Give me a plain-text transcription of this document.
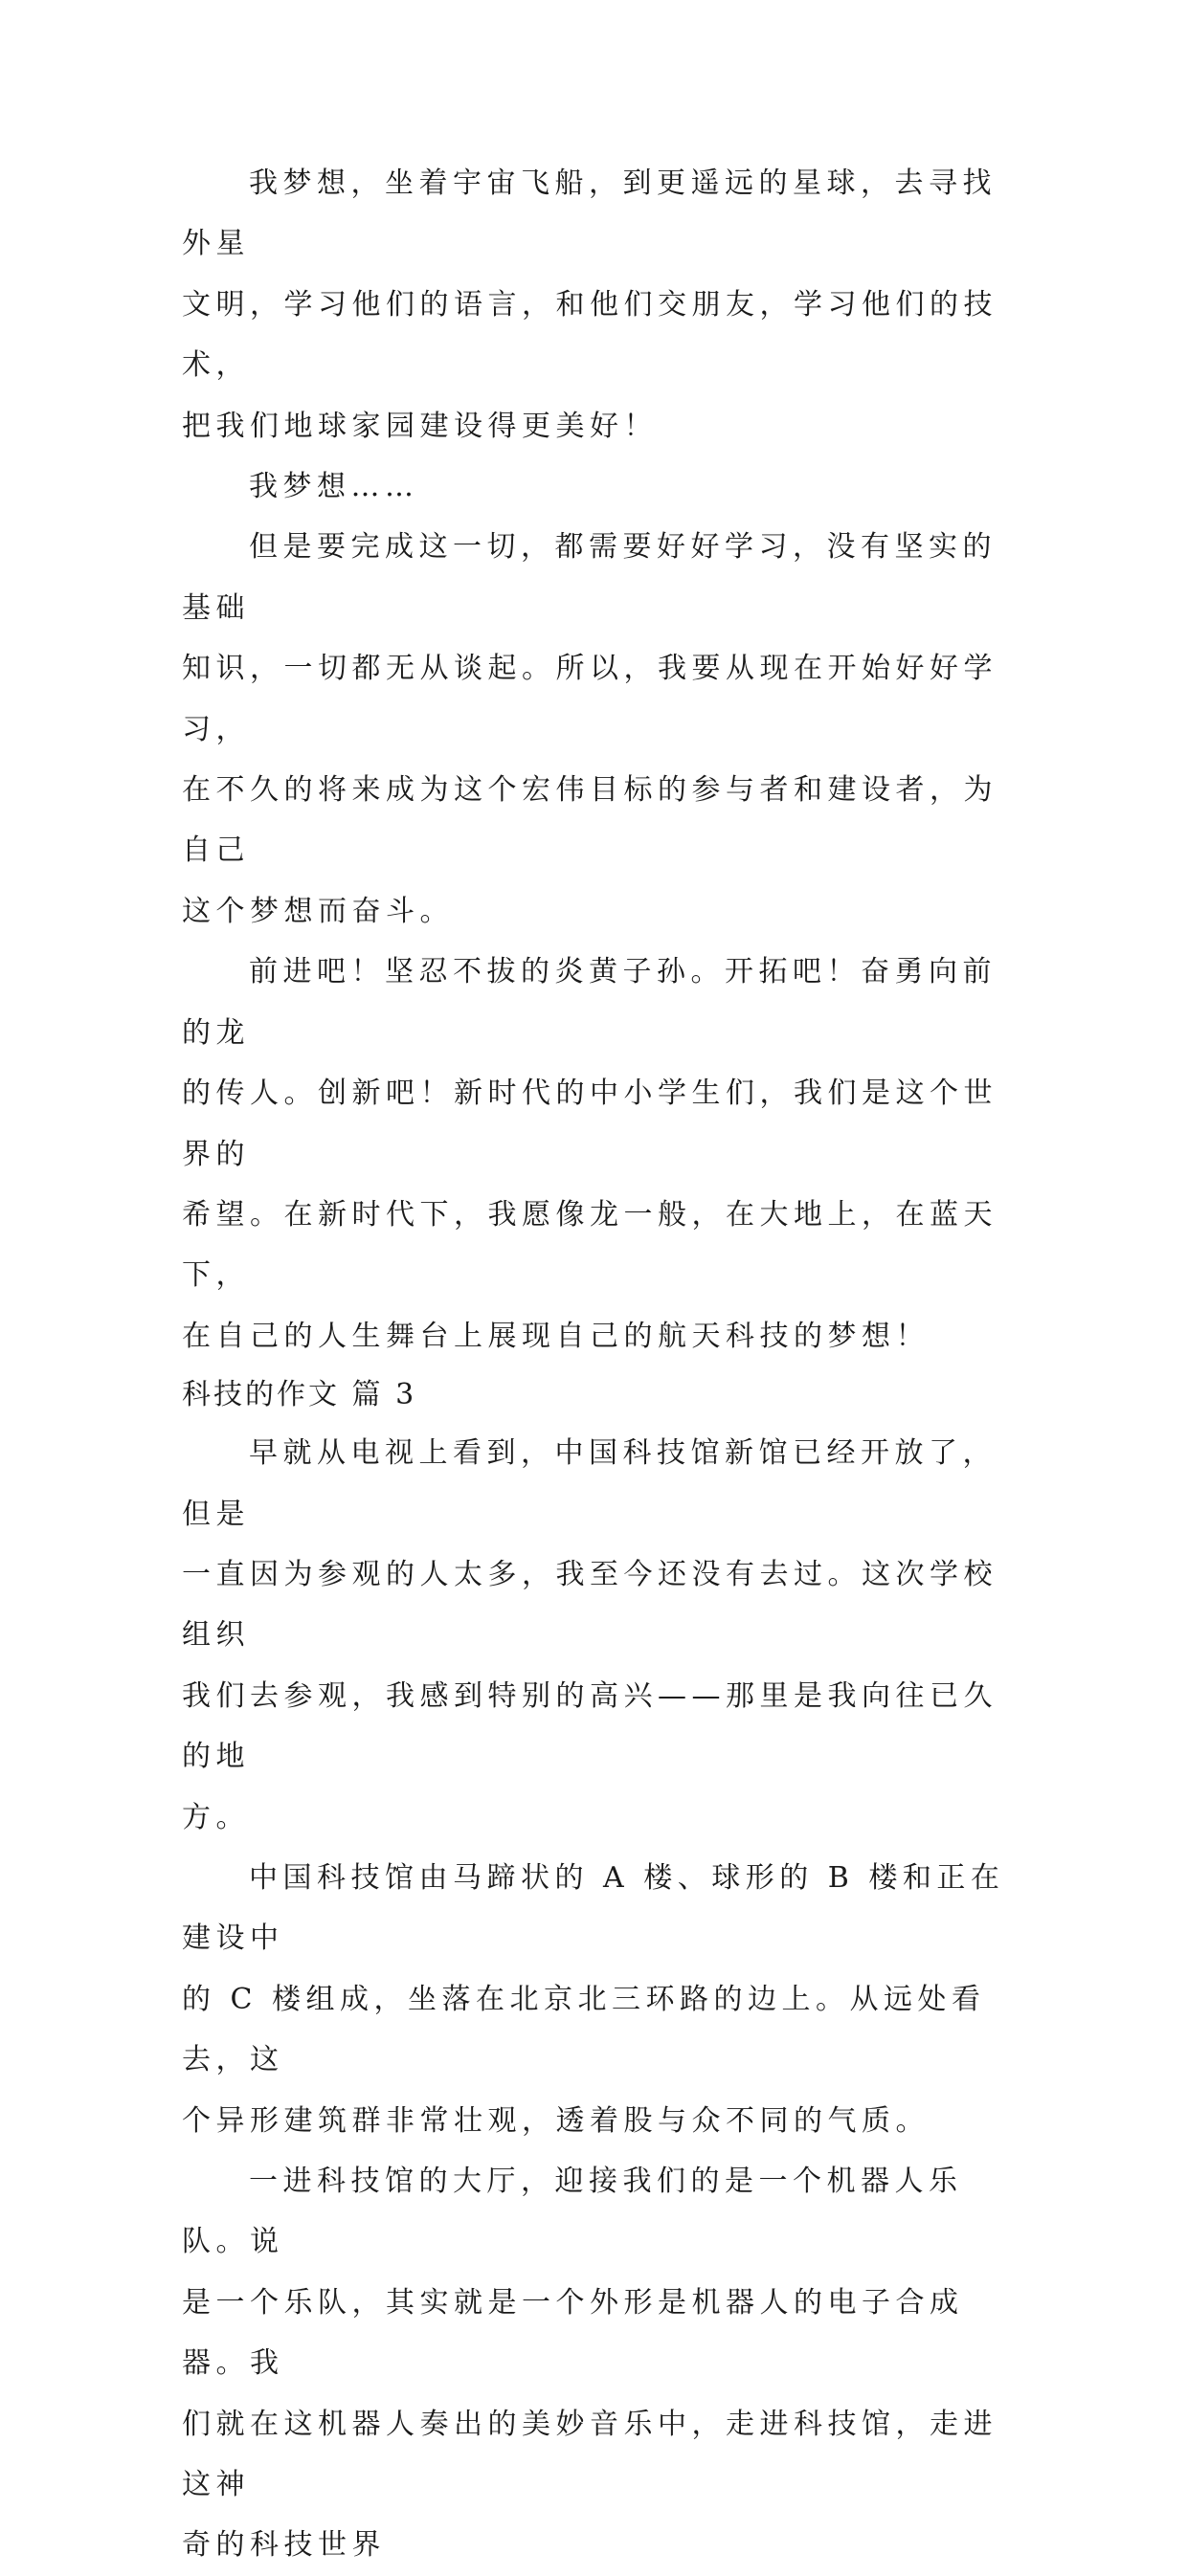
我梦想，坐着宇宙飞船，到更遥远的星球，去寻找外星
文明，学习他们的语言，和他们交朋友，学习他们的技术，
把我们地球家园建设得更美好！

我梦想……

但是要完成这一切，都需要好好学习，没有坚实的基础
知识，一切都无从谈起。所以，我要从现在开始好好学习，
在不久的将来成为这个宏伟目标的参与者和建设者，为自己
这个梦想而奋斗。

前进吧！坚忍不拔的炎黄子孙。开拓吧！奋勇向前的龙
的传人。创新吧！新时代的中小学生们，我们是这个世界的
希望。在新时代下，我愿像龙一般，在大地上，在蓝天下，
在自己的人生舞台上展现自己的航天科技的梦想！

科技的作文 篇 3

早就从电视上看到，中国科技馆新馆已经开放了，但是
一直因为参观的人太多，我至今还没有去过。这次学校组织
我们去参观，我感到特别的高兴——那里是我向往已久的地
方。

中国科技馆由马蹄状的 A 楼、球形的 B 楼和正在建设中
的 C 楼组成，坐落在北京北三环路的边上。从远处看去，这
个异形建筑群非常壮观，透着股与众不同的气质。

一进科技馆的大厅，迎接我们的是一个机器人乐队。说
是一个乐队，其实就是一个外形是机器人的电子合成器。我
们就在这机器人奏出的美妙音乐中，走进科技馆，走进这神
奇的科技世界
